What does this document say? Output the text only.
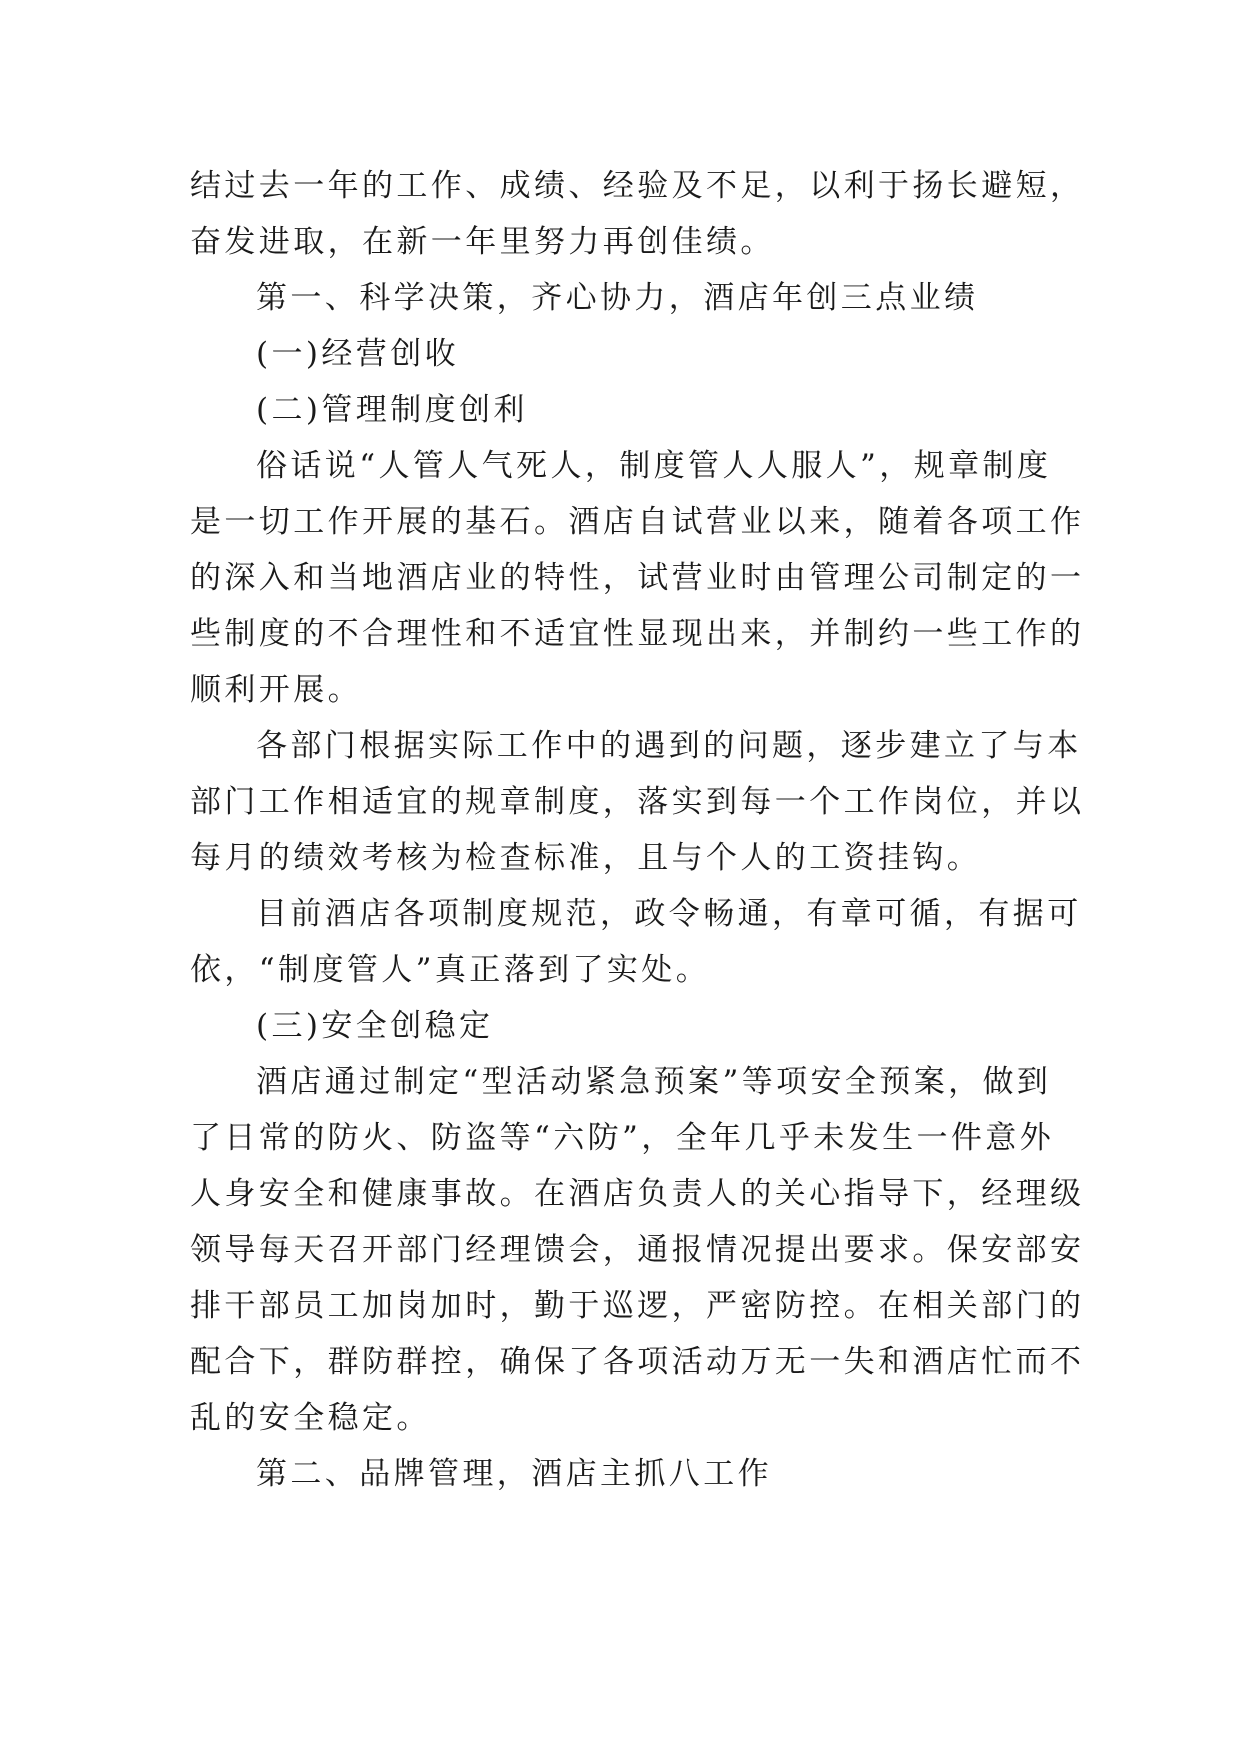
结过去一年的工作、成绩、经验及不足，以利于扬长避短，
奋发进取，在新一年里努力再创佳绩。
第一、科学决策，齐心协力，酒店年创三点业绩
(一)经营创收
(二)管理制度创利
俗话说“人管人气死人，制度管人人服人”，规章制度
是一切工作开展的基石。酒店自试营业以来，随着各项工作
的深入和当地酒店业的特性，试营业时由管理公司制定的一
些制度的不合理性和不适宜性显现出来，并制约一些工作的
顺利开展。
各部门根据实际工作中的遇到的问题，逐步建立了与本
部门工作相适宜的规章制度，落实到每一个工作岗位，并以
每月的绩效考核为检查标准，且与个人的工资挂钩。
目前酒店各项制度规范，政令畅通，有章可循，有据可
依，“制度管人”真正落到了实处。
(三)安全创稳定
酒店通过制定“型活动紧急预案”等项安全预案，做到
了日常的防火、防盗等“六防”，全年几乎未发生一件意外
人身安全和健康事故。在酒店负责人的关心指导下，经理级
领导每天召开部门经理馈会，通报情况提出要求。保安部安
排干部员工加岗加时，勤于巡逻，严密防控。在相关部门的
配合下，群防群控，确保了各项活动万无一失和酒店忙而不
乱的安全稳定。
第二、品牌管理，酒店主抓八工作
